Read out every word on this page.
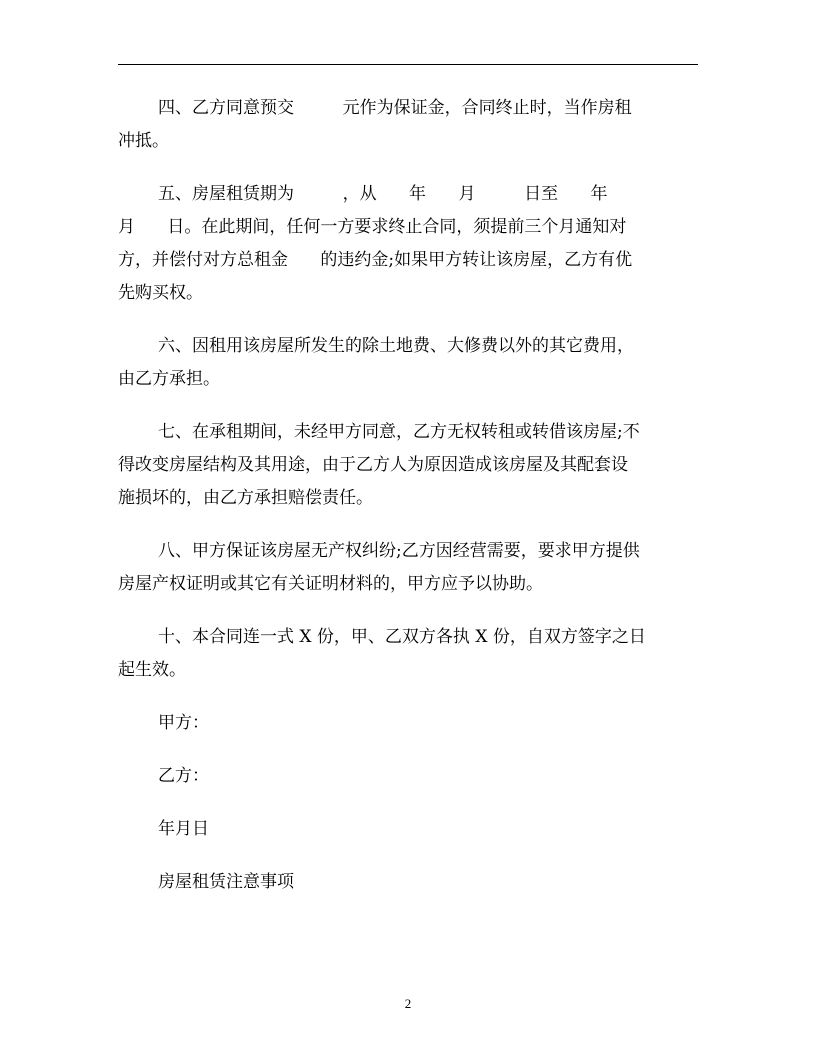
四、乙方同意预交         元作为保证金，合同终止时，当作房租
冲抵。
五、房屋租赁期为         ，从      年      月         日至      年
月      日。在此期间，任何一方要求终止合同，须提前三个月通知对
方，并偿付对方总租金      的违约金;如果甲方转让该房屋，乙方有优
先购买权。
六、因租用该房屋所发生的除土地费、大修费以外的其它费用，
由乙方承担。
七、在承租期间，未经甲方同意，乙方无权转租或转借该房屋;不
得改变房屋结构及其用途，由于乙方人为原因造成该房屋及其配套设
施损坏的，由乙方承担赔偿责任。
八、甲方保证该房屋无产权纠纷;乙方因经营需要，要求甲方提供
房屋产权证明或其它有关证明材料的，甲方应予以协助。
十、本合同连一式 X 份，甲、乙双方各执 X 份，自双方签字之日
起生效。
甲方：
乙方：
年月日
房屋租赁注意事项
2
